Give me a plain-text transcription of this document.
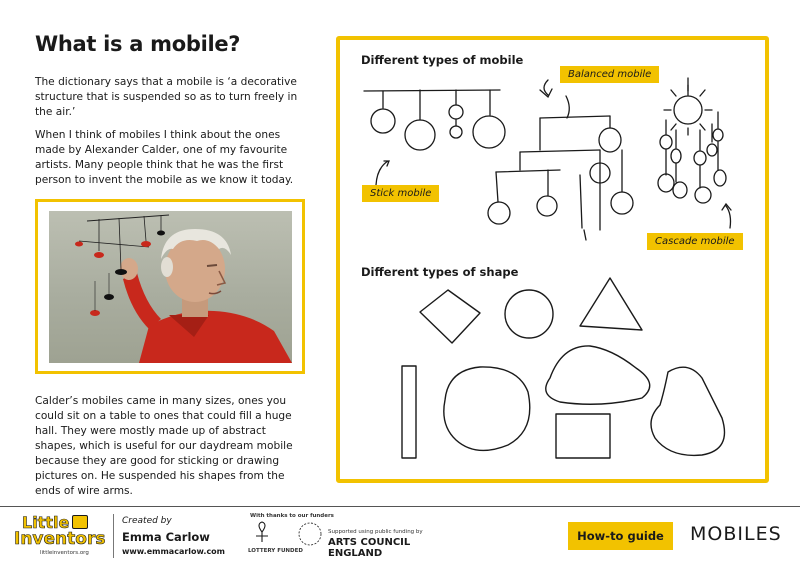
What is a mobile?

The dictionary says that a mobile is ‘a decorative structure that is suspended so as to turn freely in the air.’

When I think of mobiles I think about the ones made by Alexander Calder, one of my favourite artists. Many people think that he was the first person to invent the mobile as we know it today.

Calder’s mobiles came in many sizes, ones you could sit on a table to ones that could fill a huge hall. They were mostly made up of abstract shapes, which is useful for our daydream mobile because they are good for sticking or drawing pictures on. He suspended his shapes from the ends of wire arms.

Different types of mobile
Different types of shape
Stick mobile
Balanced mobile
Cascade mobile
Little
Inventors
littleinventors.org
Created by
Emma Carlow
www.emmacarlow.com
With thanks to our funders
LOTTERY FUNDED
Supported using public funding by
ARTS COUNCIL
ENGLAND
How-to guide	MOBILES
